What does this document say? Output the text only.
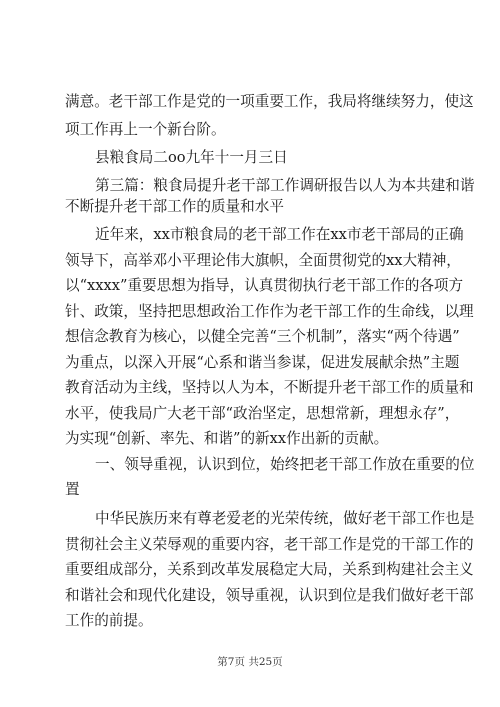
满意。老干部工作是党的一项重要工作，我局将继续努力，使这
项工作再上一个新台阶。
县粮食局二oo九年十一月三日
第三篇：粮食局提升老干部工作调研报告以人为本共建和谐
不断提升老干部工作的质量和水平
近年来，xx市粮食局的老干部工作在xx市老干部局的正确
领导下，高举邓小平理论伟大旗帜，全面贯彻党的xx大精神，
以“xxxx”重要思想为指导，认真贯彻执行老干部工作的各项方
针、政策，坚持把思想政治工作作为老干部工作的生命线，以理
想信念教育为核心，以健全完善“三个机制”，落实“两个待遇”
为重点，以深入开展“心系和谐当参谋，促进发展献余热”主题
教育活动为主线，坚持以人为本，不断提升老干部工作的质量和
水平，使我局广大老干部“政治坚定，思想常新，理想永存”，
为实现“创新、率先、和谐”的新xx作出新的贡献。
一、领导重视，认识到位，始终把老干部工作放在重要的位
置
中华民族历来有尊老爱老的光荣传统，做好老干部工作也是
贯彻社会主义荣辱观的重要内容，老干部工作是党的干部工作的
重要组成部分，关系到改革发展稳定大局，关系到构建社会主义
和谐社会和现代化建设，领导重视，认识到位是我们做好老干部
工作的前提。
第7页 共25页
